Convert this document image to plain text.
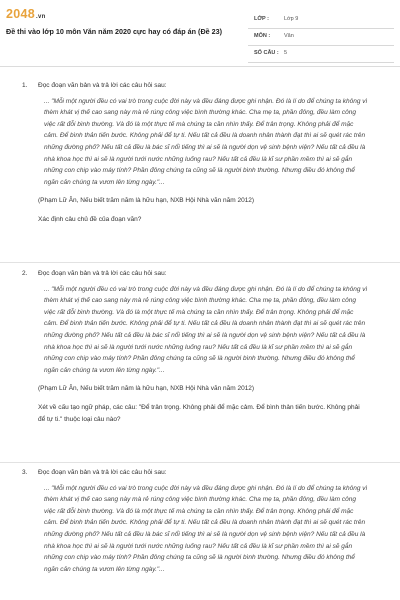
2048.vn
Đề thi vào lớp 10 môn Văn năm 2020 cực hay có đáp án (Đề 23)
LỚP :	Lớp 9
MÔN :	Văn
SỐ CÂU : 5
1. Đọc đoạn văn bản và trả lời các câu hỏi sau:
... "Mỗi một người đều có vai trò trong cuộc đời này và đều đáng được ghi nhận. Đó là lí do để chúng ta không vì thèm khát vị thế cao sang này mà rẻ rúng công việc bình thường khác. Cha mẹ ta, phần đông, đều làm công việc rất đỗi bình thường. Và đó là một thực tế mà chúng ta cần nhìn thấy. Để trân trọng. Không phải để mặc cảm. Để bình thản tiến bước. Không phải để tự ti. Nếu tất cả đều là doanh nhân thành đạt thì ai sẽ quét rác trên những đường phố? Nếu tất cả đều là bác sĩ nổi tiếng thì ai sẽ là người dọn vệ sinh bệnh viện? Nếu tất cả đều là nhà khoa học thì ai sẽ là người tưới nước những luống rau? Nếu tất cả đều là kĩ sư phần mềm thì ai sẽ gắn những con chip vào máy tính? Phần đông chúng ta cũng sẽ là người bình thường. Nhưng điều đó không thể ngăn cản chúng ta vươn lên từng ngày."...
(Phạm Lữ Ân, Nếu biết trăm năm là hữu hạn, NXB Hội Nhà văn năm 2012)
Xác định câu chủ đề của đoạn văn?
2. Đọc đoạn văn bản và trả lời các câu hỏi sau:
... "Mỗi một người đều có vai trò trong cuộc đời này và đều đáng được ghi nhận. Đó là lí do để chúng ta không vì thèm khát vị thế cao sang này mà rẻ rúng công việc bình thường khác. Cha mẹ ta, phần đông, đều làm công việc rất đỗi bình thường. Và đó là một thực tế mà chúng ta cần nhìn thấy. Để trân trọng. Không phải để mặc cảm. Để bình thản tiến bước. Không phải để tự ti. Nếu tất cả đều là doanh nhân thành đạt thì ai sẽ quét rác trên những đường phố? Nếu tất cả đều là bác sĩ nổi tiếng thì ai sẽ là người dọn vệ sinh bệnh viện? Nếu tất cả đều là nhà khoa học thì ai sẽ là người tưới nước những luống rau? Nếu tất cả đều là kĩ sư phần mềm thì ai sẽ gắn những con chip vào máy tính? Phần đông chúng ta cũng sẽ là người bình thường. Nhưng điều đó không thể ngăn cản chúng ta vươn lên từng ngày."...
(Phạm Lữ Ân, Nếu biết trăm năm là hữu hạn, NXB Hội Nhà văn năm 2012)
Xét về cấu tạo ngữ pháp, các câu: "Để trân trọng. Không phải để mặc cảm. Để bình thản tiến bước. Không phải để tự ti." thuộc loại câu nào?
3. Đọc đoạn văn bản và trả lời các câu hỏi sau:
... "Mỗi một người đều có vai trò trong cuộc đời này và đều đáng được ghi nhận. Đó là lí do để chúng ta không vì thèm khát vị thế cao sang này mà rẻ rúng công việc bình thường khác. Cha mẹ ta, phần đông, đều làm công việc rất đỗi bình thường. Và đó là một thực tế mà chúng ta cần nhìn thấy. Để trân trọng. Không phải để mặc cảm. Để bình thản tiến bước. Không phải để tự ti. Nếu tất cả đều là doanh nhân thành đạt thì ai sẽ quét rác trên những đường phố? Nếu tất cả đều là bác sĩ nổi tiếng thì ai sẽ là người dọn vệ sinh bệnh viện? Nếu tất cả đều là nhà khoa học thì ai sẽ là người tưới nước những luống rau? Nếu tất cả đều là kĩ sư phần mềm thì ai sẽ gắn những con chip vào máy tính? Phần đông chúng ta cũng sẽ là người bình thường. Nhưng điều đó không thể ngăn cản chúng ta vươn lên từng ngày."...
